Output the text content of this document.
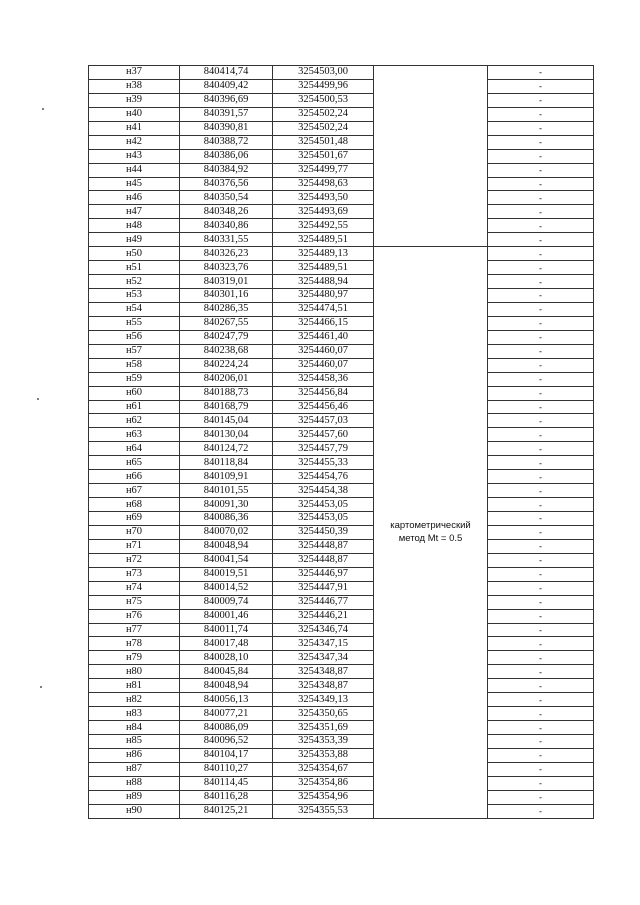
н37	840414,74	3254503,00		-
н38	840409,42	3254499,96		-
н39	840396,69	3254500,53		-
н40	840391,57	3254502,24		-
н41	840390,81	3254502,24		-
н42	840388,72	3254501,48		-
н43	840386,06	3254501,67		-
н44	840384,92	3254499,77		-
н45	840376,56	3254498,63		-
н46	840350,54	3254493,50		-
н47	840348,26	3254493,69		-
н48	840340,86	3254492,55		-
н49	840331,55	3254489,51		-
н50	840326,23	3254489,13	картометрический метод Mt = 0.5	-
н51	840323,76	3254489,51		-
н52	840319,01	3254488,94		-
н53	840301,16	3254480,97		-
н54	840286,35	3254474,51		-
н55	840267,55	3254466,15		-
н56	840247,79	3254461,40		-
н57	840238,68	3254460,07		-
н58	840224,24	3254460,07		-
н59	840206,01	3254458,36		-
н60	840188,73	3254456,84		-
н61	840168,79	3254456,46		-
н62	840145,04	3254457,03		-
н63	840130,04	3254457,60		-
н64	840124,72	3254457,79		-
н65	840118,84	3254455,33		-
н66	840109,91	3254454,76		-
н67	840101,55	3254454,38		-
н68	840091,30	3254453,05		-
н69	840086,36	3254453,05		-
н70	840070,02	3254450,39		-
н71	840048,94	3254448,87		-
н72	840041,54	3254448,87		-
н73	840019,51	3254446,97		-
н74	840014,52	3254447,91		-
н75	840009,74	3254446,77		-
н76	840001,46	3254446,21		-
н77	840011,74	3254346,74		-
н78	840017,48	3254347,15		-
н79	840028,10	3254347,34		-
н80	840045,84	3254348,87		-
н81	840048,94	3254348,87		-
н82	840056,13	3254349,13		-
н83	840077,21	3254350,65		-
н84	840086,09	3254351,69		-
н85	840096,52	3254353,39		-
н86	840104,17	3254353,88		-
н87	840110,27	3254354,67		-
н88	840114,45	3254354,86		-
н89	840116,28	3254354,96		-
н90	840125,21	3254355,53		-
